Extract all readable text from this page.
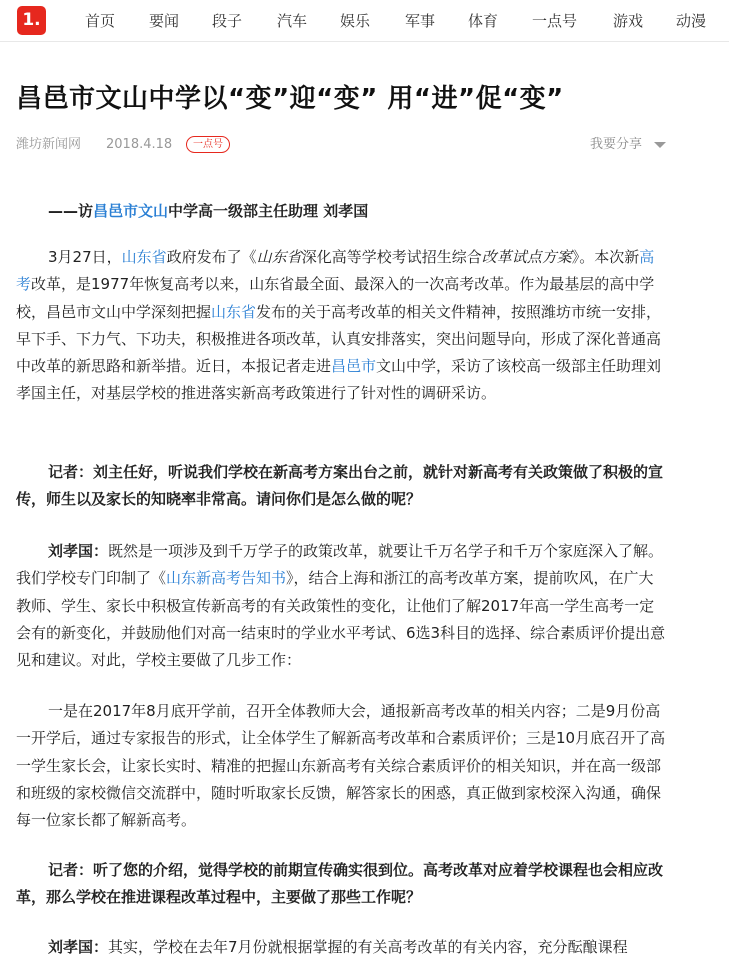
1.	首页 要闻 段子 汽车 娱乐 军事 体育 一点号 游戏 动漫
昌邑市文山中学以“变”迎“变” 用“进”促“变”
潍坊新闻网 2018.4.18	一点号	我要分享

——访昌邑市文山中学高一级部主任助理 刘孝国

3月27日，山东省政府发布了《山东省深化高等学校考试招生综合改革试点方案》。本次新高考改革，是1977年恢复高考以来，山东省最全面、最深入的一次高考改革。作为最基层的高中学校，昌邑市文山中学深刻把握山东省发布的关于高考改革的相关文件精神，按照潍坊市统一安排，早下手、下力气、下功夫，积极推进各项改革，认真安排落实，突出问题导向，形成了深化普通高中改革的新思路和新举措。近日，本报记者走进昌邑市文山中学，采访了该校高一级部主任助理刘孝国主任，对基层学校的推进落实新高考政策进行了针对性的调研采访。

记者：刘主任好，听说我们学校在新高考方案出台之前，就针对新高考有关政策做了积极的宣传，师生以及家长的知晓率非常高。请问你们是怎么做的呢？

刘孝国：既然是一项涉及到千万学子的政策改革，就要让千万名学子和千万个家庭深入了解。我们学校专门印制了《山东新高考告知书》，结合上海和浙江的高考改革方案，提前吹风，在广大教师、学生、家长中积极宣传新高考的有关政策性的变化，让他们了解2017年高一学生高考一定会有的新变化，并鼓励他们对高一结束时的学业水平考试、6选3科目的选择、综合素质评价提出意见和建议。对此，学校主要做了几步工作：

一是在2017年8月底开学前，召开全体教师大会，通报新高考改革的相关内容；二是9月份高一开学后，通过专家报告的形式，让全体学生了解新高考改革和合素质评价；三是10月底召开了高一学生家长会，让家长实时、精准的把握山东新高考有关综合素质评价的相关知识，并在高一级部和班级的家校微信交流群中，随时听取家长反馈，解答家长的困惑，真正做到家校深入沟通，确保每一位家长都了解新高考。

记者：听了您的介绍，觉得学校的前期宣传确实很到位。高考改革对应着学校课程也会相应改革，那么学校在推进课程改革过程中，主要做了那些工作呢？

刘孝国：其实，学校在去年7月份就根据掌握的有关高考改革的有关内容，充分酝酿课程
